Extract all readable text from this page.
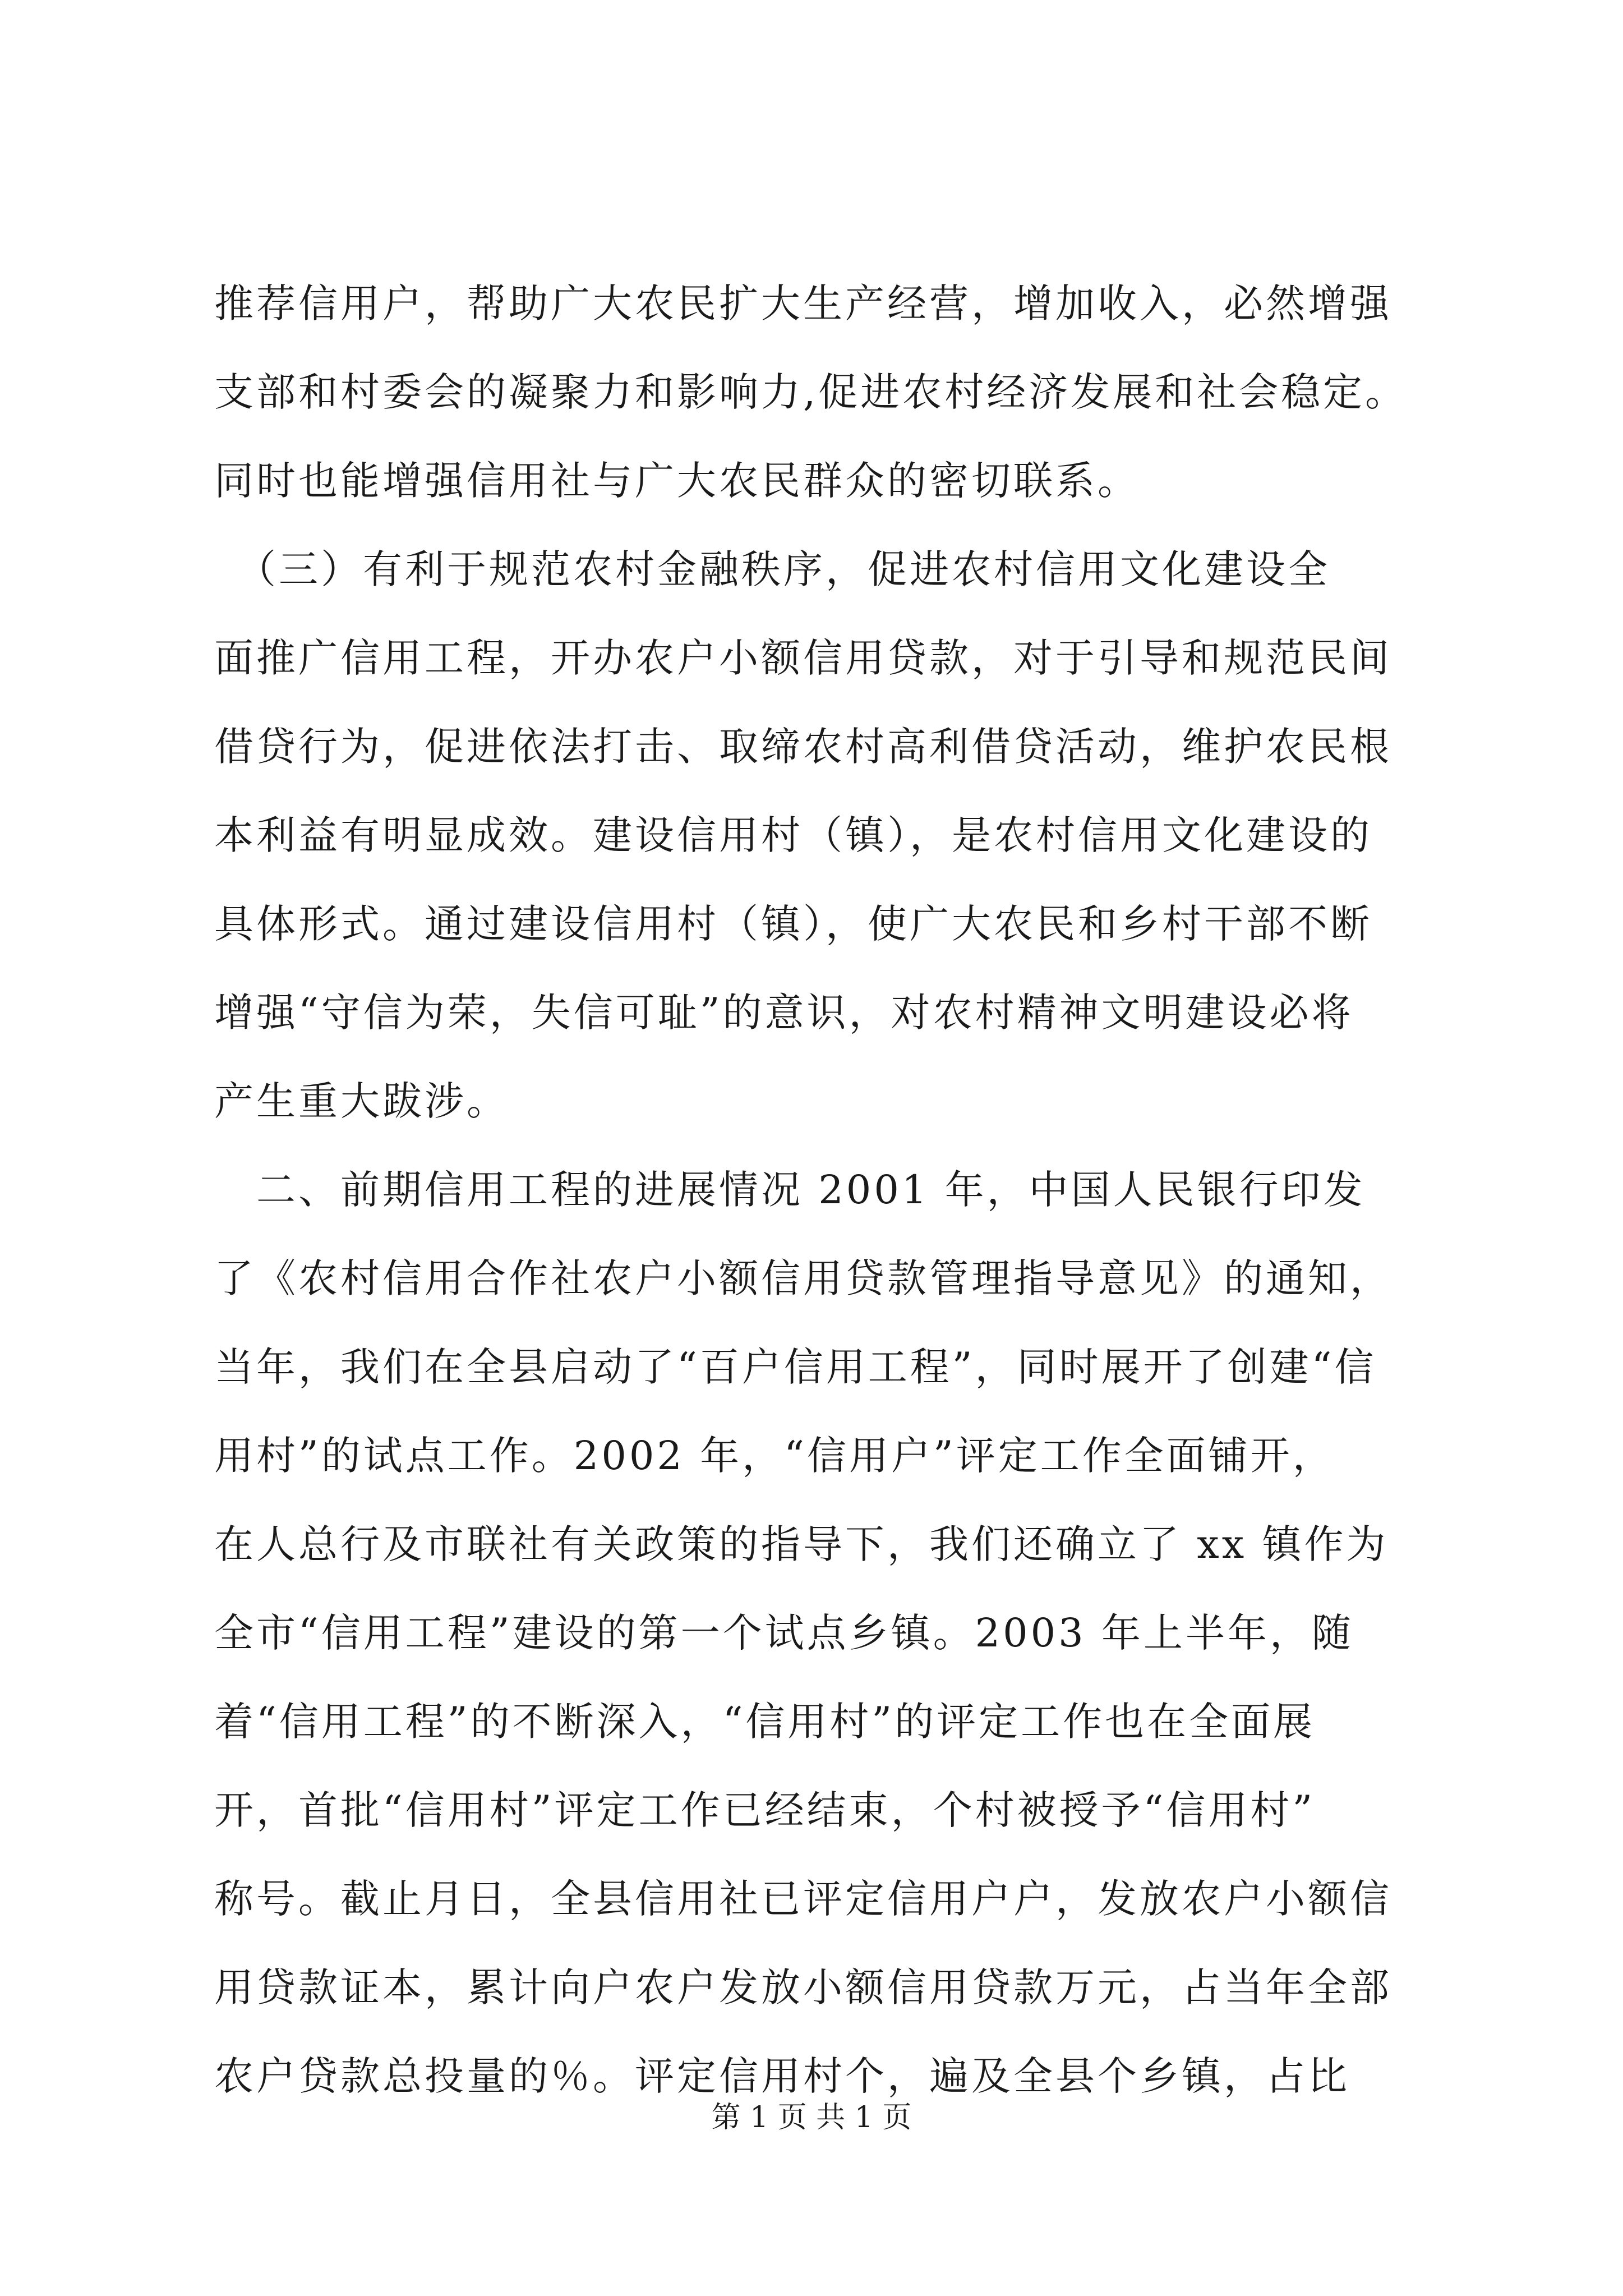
推荐信用户，帮助广大农民扩大生产经营，增加收入，必然增强
支部和村委会的凝聚力和影响力,促进农村经济发展和社会稳定。
同时也能增强信用社与广大农民群众的密切联系。
　（三）有利于规范农村金融秩序，促进农村信用文化建设全
面推广信用工程，开办农户小额信用贷款，对于引导和规范民间
借贷行为，促进依法打击、取缔农村高利借贷活动，维护农民根
本利益有明显成效。建设信用村（镇），是农村信用文化建设的
具体形式。通过建设信用村（镇），使广大农民和乡村干部不断
增强“守信为荣，失信可耻”的意识，对农村精神文明建设必将
产生重大跋涉。
　二、前期信用工程的进展情况 2001 年，中国人民银行印发
了《农村信用合作社农户小额信用贷款管理指导意见》的通知，
当年，我们在全县启动了“百户信用工程”，同时展开了创建“信
用村”的试点工作。2002 年，“信用户”评定工作全面铺开，
在人总行及市联社有关政策的指导下，我们还确立了 xx 镇作为
全市“信用工程”建设的第一个试点乡镇。2003 年上半年，随
着“信用工程”的不断深入，“信用村”的评定工作也在全面展
开，首批“信用村”评定工作已经结束，个村被授予“信用村”
称号。截止月日，全县信用社已评定信用户户，发放农户小额信
用贷款证本，累计向户农户发放小额信用贷款万元，占当年全部
农户贷款总投量的％。评定信用村个，遍及全县个乡镇，占比
第 1 页 共 1 页
